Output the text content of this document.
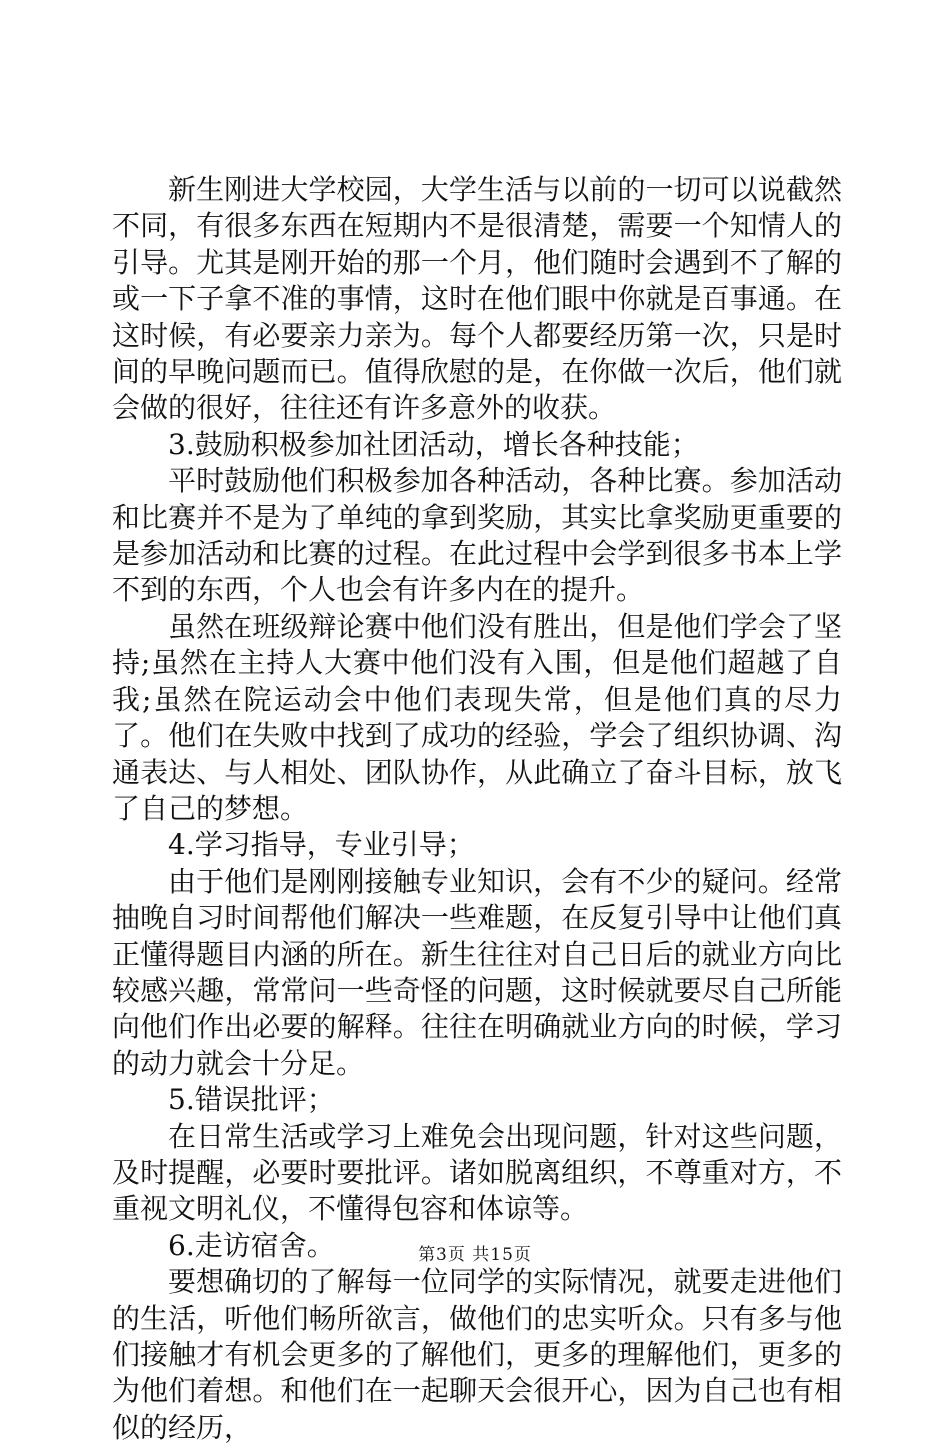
新生刚进大学校园，大学生活与以前的一切可以说截然不同，有很多东西在短期内不是很清楚，需要一个知情人的引导。尤其是刚开始的那一个月，他们随时会遇到不了解的或一下子拿不准的事情，这时在他们眼中你就是百事通。在这时候，有必要亲力亲为。每个人都要经历第一次，只是时间的早晚问题而已。值得欣慰的是，在你做一次后，他们就会做的很好，往往还有许多意外的收获。

3.鼓励积极参加社团活动，增长各种技能；

平时鼓励他们积极参加各种活动，各种比赛。参加活动和比赛并不是为了单纯的拿到奖励，其实比拿奖励更重要的是参加活动和比赛的过程。在此过程中会学到很多书本上学不到的东西，个人也会有许多内在的提升。

虽然在班级辩论赛中他们没有胜出，但是他们学会了坚持;虽然在主持人大赛中他们没有入围，但是他们超越了自我;虽然在院运动会中他们表现失常，但是他们真的尽力了。他们在失败中找到了成功的经验，学会了组织协调、沟通表达、与人相处、团队协作，从此确立了奋斗目标，放飞了自己的梦想。

4.学习指导，专业引导；

由于他们是刚刚接触专业知识，会有不少的疑问。经常抽晚自习时间帮他们解决一些难题，在反复引导中让他们真正懂得题目内涵的所在。新生往往对自己日后的就业方向比较感兴趣，常常问一些奇怪的问题，这时候就要尽自己所能向他们作出必要的解释。往往在明确就业方向的时候，学习的动力就会十分足。

5.错误批评；

在日常生活或学习上难免会出现问题，针对这些问题，及时提醒，必要时要批评。诸如脱离组织，不尊重对方，不重视文明礼仪，不懂得包容和体谅等。

6.走访宿舍。

要想确切的了解每一位同学的实际情况，就要走进他们的生活，听他们畅所欲言，做他们的忠实听众。只有多与他们接触才有机会更多的了解他们，更多的理解他们，更多的为他们着想。和他们在一起聊天会很开心，因为自己也有相似的经历，

第3页 共15页
